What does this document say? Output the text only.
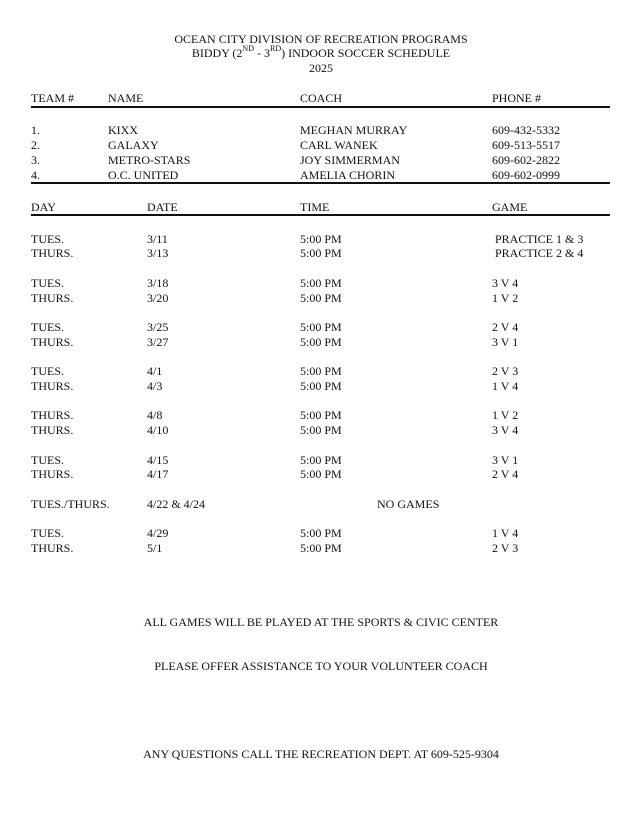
OCEAN CITY DIVISION OF RECREATION PROGRAMS
BIDDY (2ND - 3RD) INDOOR SOCCER SCHEDULE
2025
TEAM #	NAME	COACH	PHONE #
1.	KIXX	MEGHAN MURRAY	609-432-5332
2.	GALAXY	CARL WANEK	609-513-5517
3.	METRO-STARS	JOY SIMMERMAN	609-602-2822
4.	O.C. UNITED	AMELIA CHORIN	609-602-0999
DAY	DATE	TIME	GAME
TUES.	3/11	5:00 PM	PRACTICE 1 & 3
THURS.	3/13	5:00 PM	PRACTICE 2 & 4
TUES.	3/18	5:00 PM	3 V 4
THURS.	3/20	5:00 PM	1 V 2
TUES.	3/25	5:00 PM	2 V 4
THURS.	3/27	5:00 PM	3 V 1
TUES.	4/1	5:00 PM	2 V 3
THURS.	4/3	5:00 PM	1 V 4
THURS.	4/8	5:00 PM	1 V 2
THURS.	4/10	5:00 PM	3 V 4
TUES.	4/15	5:00 PM	3 V 1
THURS.	4/17	5:00 PM	2 V 4
TUES./THURS.	4/22 & 4/24	NO GAMES
TUES.	4/29	5:00 PM	1 V 4
THURS.	5/1	5:00 PM	2 V 3
ALL GAMES WILL BE PLAYED AT THE SPORTS & CIVIC CENTER
PLEASE OFFER ASSISTANCE TO YOUR VOLUNTEER COACH
ANY QUESTIONS CALL THE RECREATION DEPT. AT 609-525-9304
